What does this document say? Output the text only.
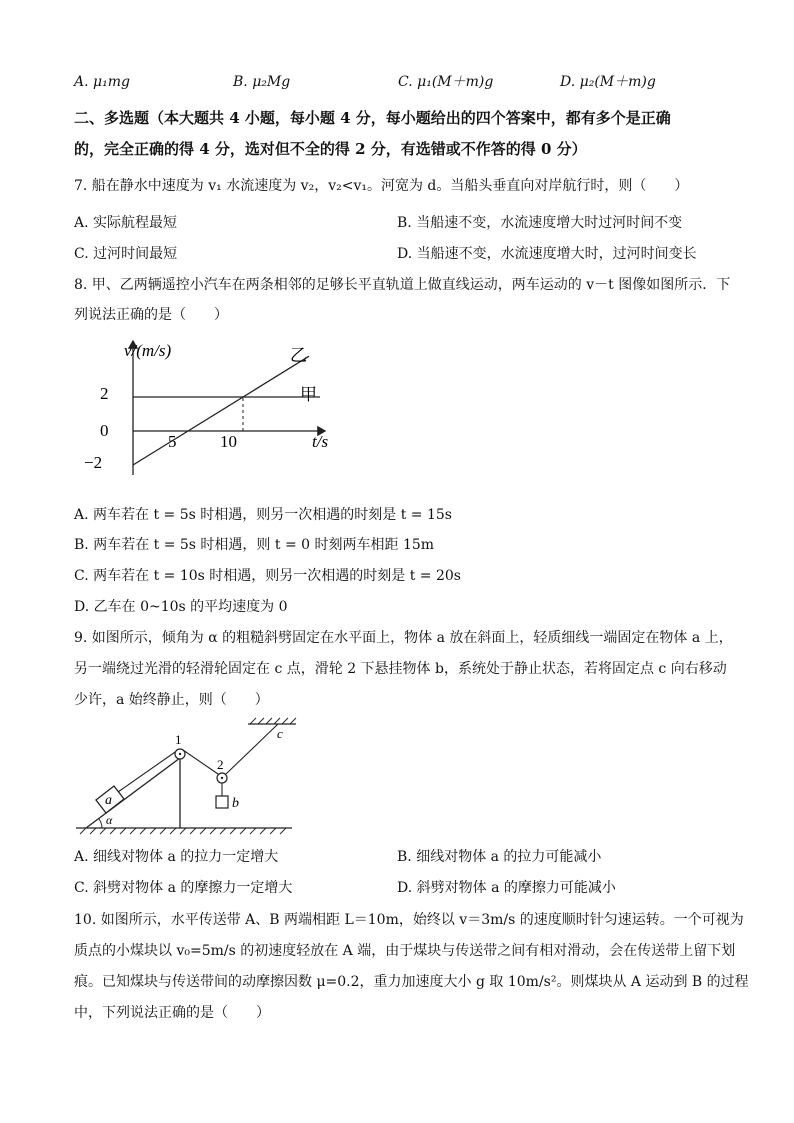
A. μ₁mg	B. μ₂Mg	C. μ₁(M＋m)g	D. μ₂(M＋m)g
二、多选题（本大题共 4 小题，每小题 4 分，每小题给出的四个答案中，都有多个是正确
的，完全正确的得 4 分，选对但不全的得 2 分，有选错或不作答的得 0 分）
7. 船在静水中速度为 v₁ 水流速度为 v₂，v₂<v₁。河宽为 d。当船头垂直向对岸航行时，则（　　）
A. 实际航程最短	B. 当船速不变，水流速度增大时过河时间不变
C. 过河时间最短	D. 当船速不变，水流速度增大时，过河时间变长
8. 甲、乙两辆遥控小汽车在两条相邻的足够长平直轨道上做直线运动，两车运动的 v－t 图像如图所示．下
列说法正确的是（　　）
v/(m/s)
t/s
2
0
−2
5	10
甲
乙
A. 两车若在 t = 5s 时相遇，则另一次相遇的时刻是 t = 15s
B. 两车若在 t = 5s 时相遇，则 t = 0 时刻两车相距 15m
C. 两车若在 t = 10s 时相遇，则另一次相遇的时刻是 t = 20s
D. 乙车在 0~10s 的平均速度为 0
9. 如图所示，倾角为 α 的粗糙斜劈固定在水平面上，物体 a 放在斜面上，轻质细线一端固定在物体 a 上，
另一端绕过光滑的轻滑轮固定在 c 点，滑轮 2 下悬挂物体 b，系统处于静止状态，若将固定点 c 向右移动
少许，a 始终静止，则（　　）
a
α
1
2
c
b
A. 细线对物体 a 的拉力一定增大	B. 细线对物体 a 的拉力可能减小
C. 斜劈对物体 a 的摩擦力一定增大	D. 斜劈对物体 a 的摩擦力可能减小
10. 如图所示，水平传送带 A、B 两端相距 L＝10m，始终以 v＝3m/s 的速度顺时针匀速运转。一个可视为
质点的小煤块以 v₀=5m/s 的初速度轻放在 A 端，由于煤块与传送带之间有相对滑动，会在传送带上留下划
痕。已知煤块与传送带间的动摩擦因数 μ=0.2，重力加速度大小 g 取 10m/s²。则煤块从 A 运动到 B 的过程
中，下列说法正确的是（　　）
